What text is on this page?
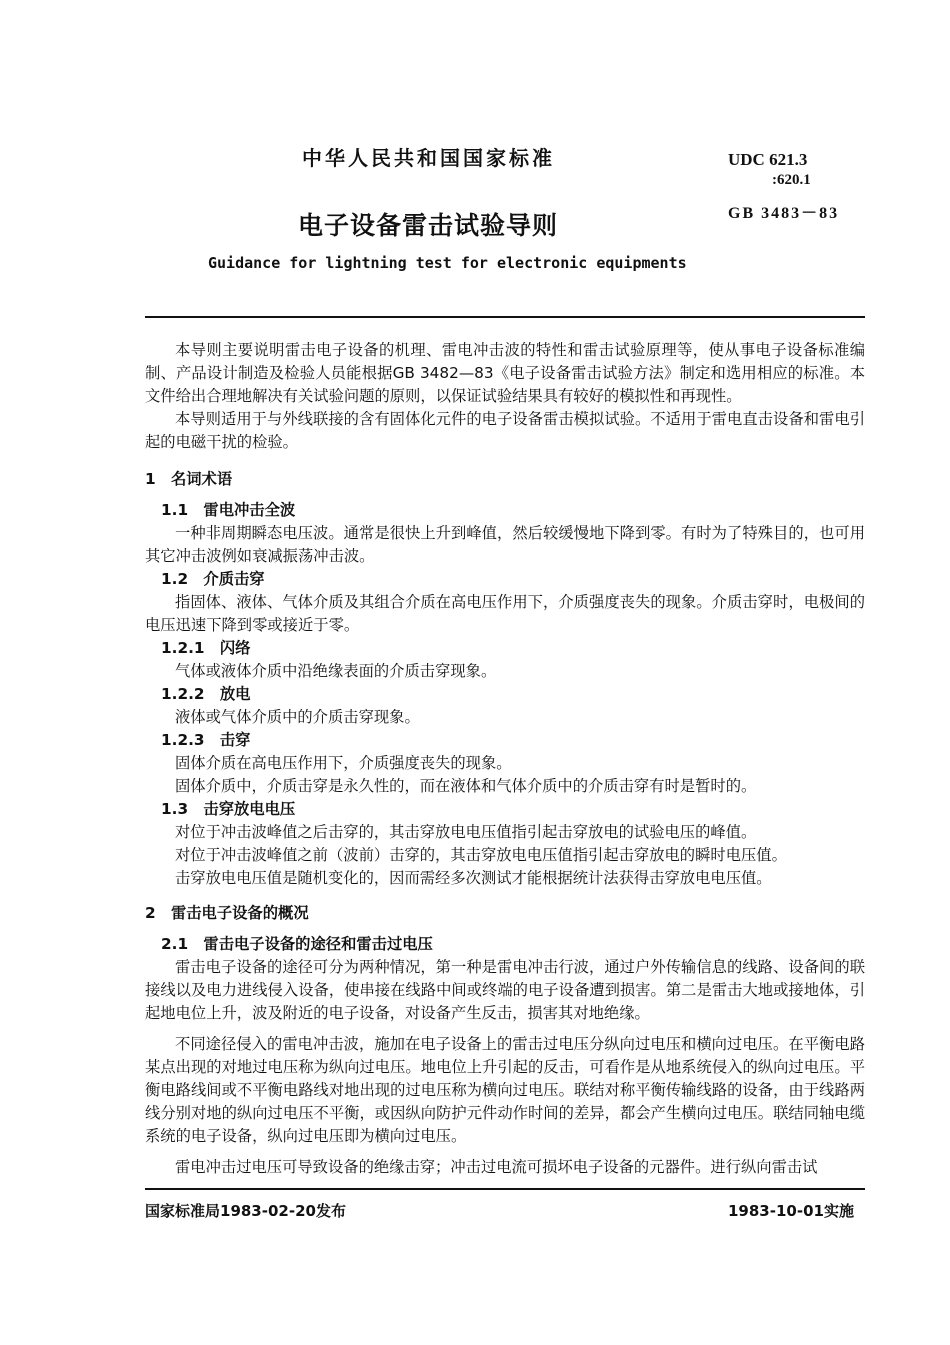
中华人民共和国国家标准	UDC 621.3
:620.1
GB 3483－83
电子设备雷击试验导则
Guidance for lightning test for electronic equipments

本导则主要说明雷击电子设备的机理、雷电冲击波的特性和雷击试验原理等，使从事电子设备标准编制、产品设计制造及检验人员能根据GB 3482—83《电子设备雷击试验方法》制定和选用相应的标准。本文件给出合理地解决有关试验问题的原则，以保证试验结果具有较好的模拟性和再现性。

本导则适用于与外线联接的含有固体化元件的电子设备雷击模拟试验。不适用于雷电直击设备和雷电引起的电磁干扰的检验。

1　名词术语

1.1　雷电冲击全波

一种非周期瞬态电压波。通常是很快上升到峰值，然后较缓慢地下降到零。有时为了特殊目的，也可用其它冲击波例如衰减振荡冲击波。

1.2　介质击穿

指固体、液体、气体介质及其组合介质在高电压作用下，介质强度丧失的现象。介质击穿时，电极间的电压迅速下降到零或接近于零。

1.2.1　闪络

气体或液体介质中沿绝缘表面的介质击穿现象。

1.2.2　放电

液体或气体介质中的介质击穿现象。

1.2.3　击穿

固体介质在高电压作用下，介质强度丧失的现象。

固体介质中，介质击穿是永久性的，而在液体和气体介质中的介质击穿有时是暂时的。

1.3　击穿放电电压

对位于冲击波峰值之后击穿的，其击穿放电电压值指引起击穿放电的试验电压的峰值。

对位于冲击波峰值之前（波前）击穿的，其击穿放电电压值指引起击穿放电的瞬时电压值。

击穿放电电压值是随机变化的，因而需经多次测试才能根据统计法获得击穿放电电压值。

2　雷击电子设备的概况

2.1　雷击电子设备的途径和雷击过电压

雷击电子设备的途径可分为两种情况，第一种是雷电冲击行波，通过户外传输信息的线路、设备间的联接线以及电力进线侵入设备，使串接在线路中间或终端的电子设备遭到损害。第二是雷击大地或接地体，引起地电位上升，波及附近的电子设备，对设备产生反击，损害其对地绝缘。

不同途径侵入的雷电冲击波，施加在电子设备上的雷击过电压分纵向过电压和横向过电压。在平衡电路某点出现的对地过电压称为纵向过电压。地电位上升引起的反击，可看作是从地系统侵入的纵向过电压。平衡电路线间或不平衡电路线对地出现的过电压称为横向过电压。联结对称平衡传输线路的设备，由于线路两线分别对地的纵向过电压不平衡，或因纵向防护元件动作时间的差异，都会产生横向过电压。联结同轴电缆系统的电子设备，纵向过电压即为横向过电压。

雷电冲击过电压可导致设备的绝缘击穿；冲击过电流可损坏电子设备的元器件。进行纵向雷击试

国家标准局1983-02-20发布	1983-10-01实施
